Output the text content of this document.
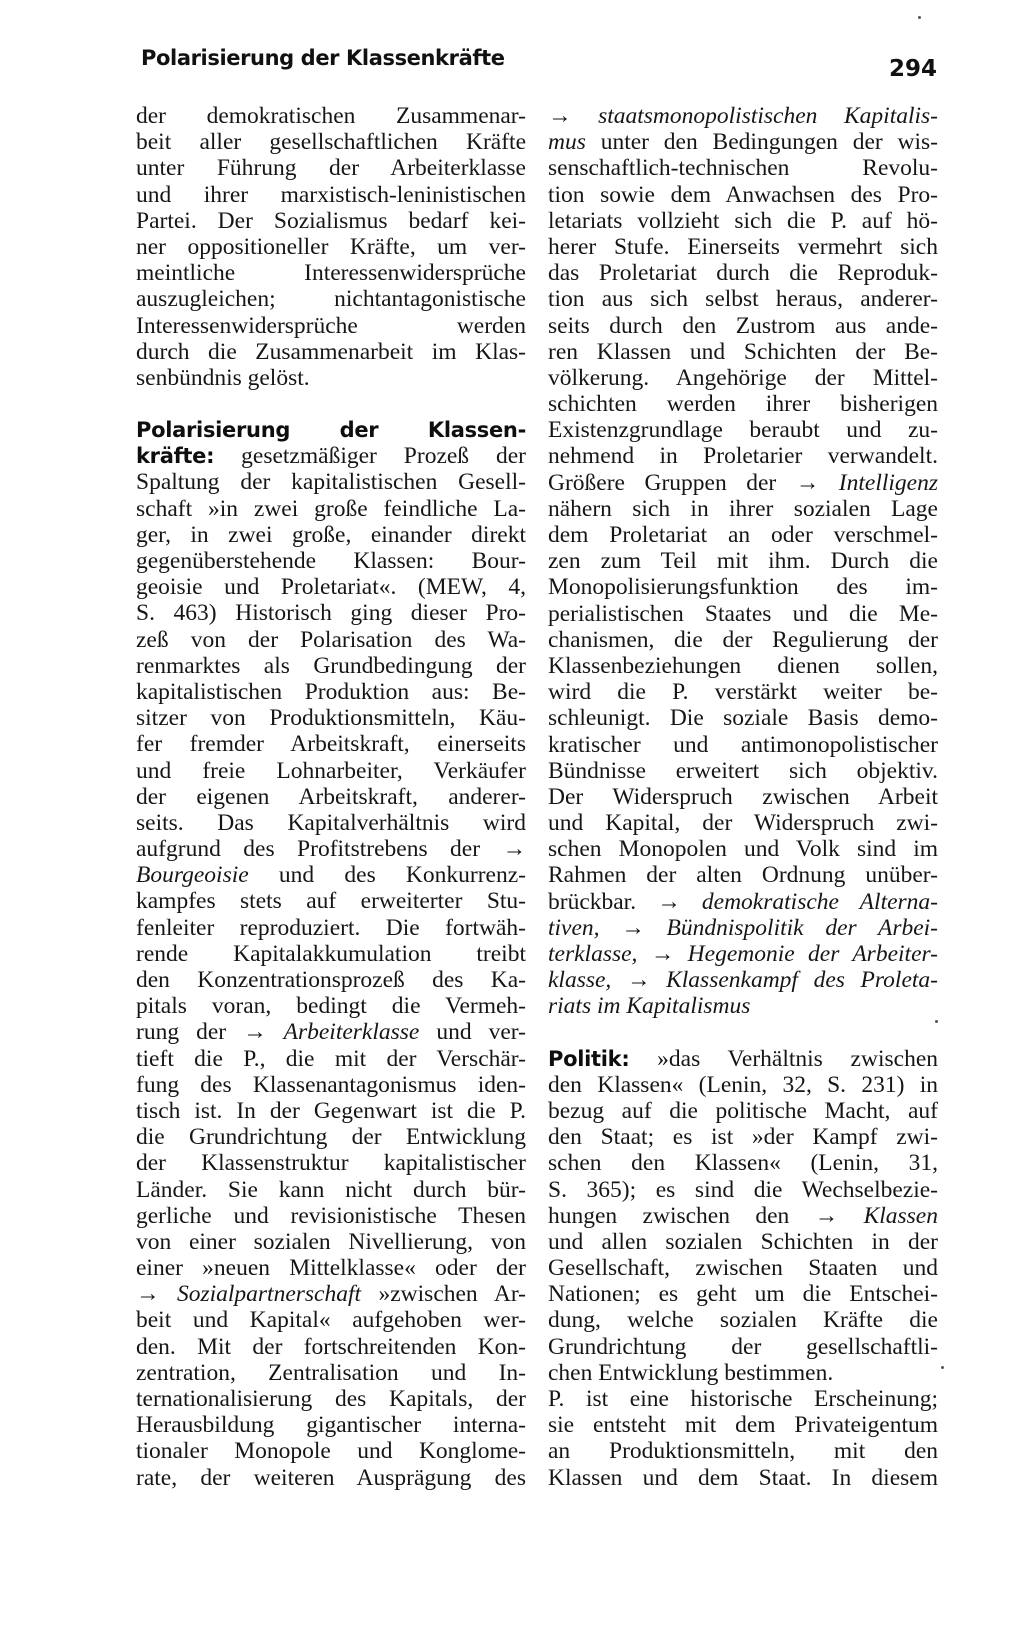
Polarisierung der Klassenkräfte	294
der demokratischen Zusammenar-
beit aller gesellschaftlichen Kräfte
unter Führung der Arbeiterklasse
und ihrer marxistisch-leninistischen
Partei. Der Sozialismus bedarf kei-
ner oppositioneller Kräfte, um ver-
meintliche Interessenwidersprüche
auszugleichen; nichtantagonistische
Interessenwidersprüche werden
durch die Zusammenarbeit im Klas-
senbündnis gelöst.
Polarisierung der Klassen-
kräfte: gesetzmäßiger Prozeß der
Spaltung der kapitalistischen Gesell-
schaft »in zwei große feindliche La-
ger, in zwei große, einander direkt
gegenüberstehende Klassen: Bour-
geoisie und Proletariat«. (MEW, 4,
S. 463) Historisch ging dieser Pro-
zeß von der Polarisation des Wa-
renmarktes als Grundbedingung der
kapitalistischen Produktion aus: Be-
sitzer von Produktionsmitteln, Käu-
fer fremder Arbeitskraft, einerseits
und freie Lohnarbeiter, Verkäufer
der eigenen Arbeitskraft, anderer-
seits. Das Kapitalverhältnis wird
aufgrund des Profitstrebens der →
Bourgeoisie und des Konkurrenz-
kampfes stets auf erweiterter Stu-
fenleiter reproduziert. Die fortwäh-
rende Kapitalakkumulation treibt
den Konzentrationsprozeß des Ka-
pitals voran, bedingt die Vermeh-
rung der → Arbeiterklasse und ver-
tieft die P., die mit der Verschär-
fung des Klassenantagonismus iden-
tisch ist. In der Gegenwart ist die P.
die Grundrichtung der Entwicklung
der Klassenstruktur kapitalistischer
Länder. Sie kann nicht durch bür-
gerliche und revisionistische Thesen
von einer sozialen Nivellierung, von
einer »neuen Mittelklasse« oder der
→ Sozialpartnerschaft »zwischen Ar-
beit und Kapital« aufgehoben wer-
den. Mit der fortschreitenden Kon-
zentration, Zentralisation und In-
ternationalisierung des Kapitals, der
Herausbildung gigantischer interna-
tionaler Monopole und Konglome-
rate, der weiteren Ausprägung des
→ staatsmonopolistischen Kapitalis-
mus unter den Bedingungen der wis-
senschaftlich-technischen Revolu-
tion sowie dem Anwachsen des Pro-
letariats vollzieht sich die P. auf hö-
herer Stufe. Einerseits vermehrt sich
das Proletariat durch die Reproduk-
tion aus sich selbst heraus, anderer-
seits durch den Zustrom aus ande-
ren Klassen und Schichten der Be-
völkerung. Angehörige der Mittel-
schichten werden ihrer bisherigen
Existenzgrundlage beraubt und zu-
nehmend in Proletarier verwandelt.
Größere Gruppen der → Intelligenz
nähern sich in ihrer sozialen Lage
dem Proletariat an oder verschmel-
zen zum Teil mit ihm. Durch die
Monopolisierungsfunktion des im-
perialistischen Staates und die Me-
chanismen, die der Regulierung der
Klassenbeziehungen dienen sollen,
wird die P. verstärkt weiter be-
schleunigt. Die soziale Basis demo-
kratischer und antimonopolistischer
Bündnisse erweitert sich objektiv.
Der Widerspruch zwischen Arbeit
und Kapital, der Widerspruch zwi-
schen Monopolen und Volk sind im
Rahmen der alten Ordnung unüber-
brückbar. → demokratische Alterna-
tiven, → Bündnispolitik der Arbei-
terklasse, → Hegemonie der Arbeiter-
klasse, → Klassenkampf des Proleta-
riats im Kapitalismus
Politik: »das Verhältnis zwischen
den Klassen« (Lenin, 32, S. 231) in
bezug auf die politische Macht, auf
den Staat; es ist »der Kampf zwi-
schen den Klassen« (Lenin, 31,
S. 365); es sind die Wechselbezie-
hungen zwischen den → Klassen
und allen sozialen Schichten in der
Gesellschaft, zwischen Staaten und
Nationen; es geht um die Entschei-
dung, welche sozialen Kräfte die
Grundrichtung der gesellschaftli-
chen Entwicklung bestimmen.
P. ist eine historische Erscheinung;
sie entsteht mit dem Privateigentum
an Produktionsmitteln, mit den
Klassen und dem Staat. In diesem
